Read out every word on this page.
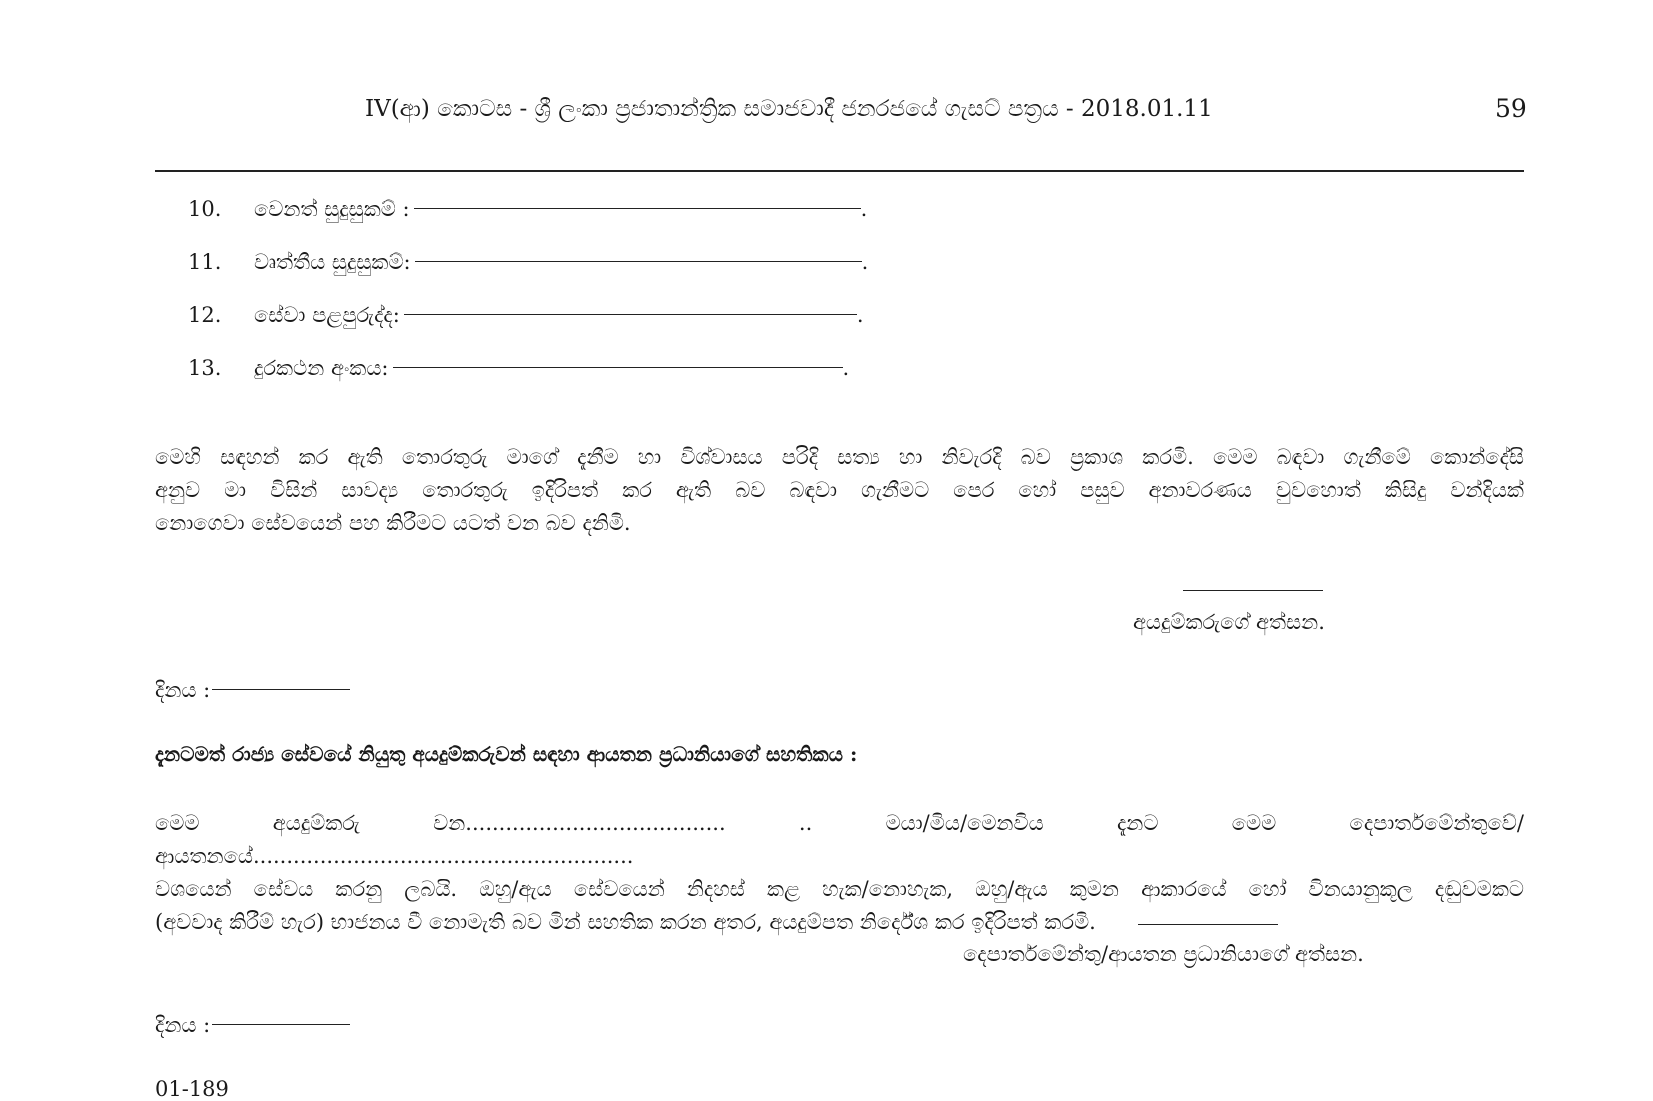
IV(ආ) කොටස - ශ්‍රී ලංකා ප්‍රජාතාන්ත්‍රික සමාජවාදී ජනරජයේ ගැසට් පත්‍රය - 2018.01.11	59
10.	වෙනත් සුදුසුකම් :	.
11.	වෘත්තීය සුදුසුකම්:	.
12.	සේවා පළපුරුද්ද:	.
13.	දුරකථන අංකය:	.
මෙහි සඳහන් කර ඇති තොරතුරු මාගේ දැනීම හා විශ්වාසය පරිදි සත්‍ය හා නිවැරදි බව ප්‍රකාශ කරමි. මෙම බඳවා ගැනීමේ කොන්දේසි
අනුව මා විසින් සාවද්‍ය තොරතුරු ඉදිරිපත් කර ඇති බව බඳවා ගැනීමට පෙර හෝ පසුව අනාවරණය වුවහොත් කිසිදු වන්දියක්
නොගෙවා සේවයෙන් පහ කිරීමට යටත් වන බව දනිමි.
අයදුම්කරුගේ අත්සන.
දිනය :
දැනටමත් රාජ්‍ය සේවයේ නියුතු අයදුම්කරුවන් සඳහා ආයතන ප්‍රධානියාගේ සහතිකය :
මෙම අයදුම්කරු වන....................................... .. මයා/මිය/මෙනවිය දැනට මෙම දෙපාර්තමේන්තුවේ/ආයතනයේ.........................................................
වශයෙන් සේවය කරනු ලබයි. ඔහු/ඇය සේවයෙන් නිදහස් කළ හැක/නොහැක, ඔහු/ඇය කුමන ආකාරයේ හෝ විනයානුකූල දඬුවමකට
(අවවාද කිරීම් හැර) භාජනය වී නොමැති බව මින් සහතික කරන අතර, අයදුම්පත නිර්දේශ කර ඉදිරිපත් කරමි.
දෙපාර්තමේන්තු/ආයතන ප්‍රධානියාගේ අත්සන.
දිනය :
01-189
